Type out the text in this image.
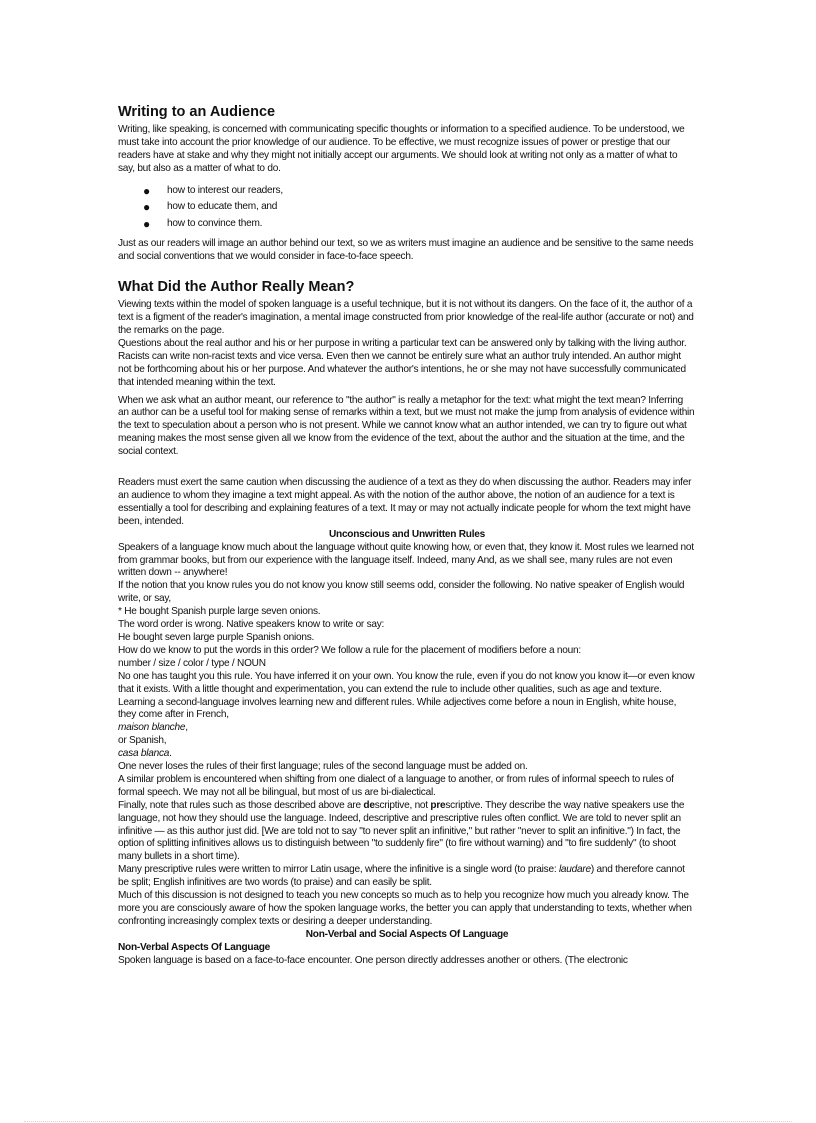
Writing to an Audience

Writing, like speaking, is concerned with communicating specific thoughts or information to a specified audience. To be understood, we must take into account the prior knowledge of our audience. To be effective, we must recognize issues of power or prestige that our readers have at stake and why they might not initially accept our arguments. We should look at writing not only as a matter of what to say, but also as a matter of what to do.

● how to interest our readers,
● how to educate them, and
● how to convince them.

Just as our readers will image an author behind our text, so we as writers must imagine an audience and be sensitive to the same needs and social conventions that we would consider in face-to-face speech.

What Did the Author Really Mean?

Viewing texts within the model of spoken language is a useful technique, but it is not without its dangers. On the face of it, the author of a text is a figment of the reader's imagination, a mental image constructed from prior knowledge of the real-life author (accurate or not) and the remarks on the page.

Questions about the real author and his or her purpose in writing a particular text can be answered only by talking with the living author. Racists can write non-racist texts and vice versa. Even then we cannot be entirely sure what an author truly intended. An author might not be forthcoming about his or her purpose. And whatever the author's intentions, he or she may not have successfully communicated that intended meaning within the text.

When we ask what an author meant, our reference to "the author" is really a metaphor for the text: what might the text mean? Inferring an author can be a useful tool for making sense of remarks within a text, but we must not make the jump from analysis of evidence within the text to speculation about a person who is not present. While we cannot know what an author intended, we can try to figure out what meaning makes the most sense given all we know from the evidence of the text, about the author and the situation at the time, and the social context.

Readers must exert the same caution when discussing the audience of a text as they do when discussing the author. Readers may infer an audience to whom they imagine a text might appeal. As with the notion of the author above, the notion of an audience for a text is essentially a tool for describing and explaining features of a text. It may or may not actually indicate people for whom the text might have been, intended.

Unconscious and Unwritten Rules

Speakers of a language know much about the language without quite knowing how, or even that, they know it. Most rules we learned not from grammar books, but from our experience with the language itself. Indeed, many And, as we shall see, many rules are not even written down -- anywhere!

If the notion that you know rules you do not know you know still seems odd, consider the following. No native speaker of English would write, or say,

* He bought Spanish purple large seven onions.

The word order is wrong. Native speakers know to write or say:

He bought seven large purple Spanish onions.

How do we know to put the words in this order? We follow a rule for the placement of modifiers before a noun:

number / size / color / type / NOUN

No one has taught you this rule. You have inferred it on your own. You know the rule, even if you do not know you know it—or even know that it exists. With a little thought and experimentation, you can extend the rule to include other qualities, such as age and texture.

Learning a second-language involves learning new and different rules. While adjectives come before a noun in English, white house,

they come after in French,

maison blanche,

or Spanish,

casa blanca.

One never loses the rules of their first language; rules of the second language must be added on.

A similar problem is encountered when shifting from one dialect of a language to another, or from rules of informal speech to rules of formal speech. We may not all be bilingual, but most of us are bi-dialectical.

Finally, note that rules such as those described above are descriptive, not prescriptive. They describe the way native speakers use the language, not how they should use the language. Indeed, descriptive and prescriptive rules often conflict. We are told to never split an infinitive — as this author just did. [We are told not to say "to never split an infinitive," but rather "never to split an infinitive.") In fact, the option of splitting infinitives allows us to distinguish between "to suddenly fire" (to fire without warning) and "to fire suddenly" (to shoot many bullets in a short time).

Many prescriptive rules were written to mirror Latin usage, where the infinitive is a single word (to praise: laudare) and therefore cannot be split; English infinitives are two words (to praise) and can easily be split.

Much of this discussion is not designed to teach you new concepts so much as to help you recognize how much you already know. The more you are consciously aware of how the spoken language works, the better you can apply that understanding to texts, whether when confronting increasingly complex texts or desiring a deeper understanding.

Non-Verbal and Social Aspects Of Language

Non-Verbal Aspects Of Language

Spoken language is based on a face-to-face encounter. One person directly addresses another or others. (The electronic
